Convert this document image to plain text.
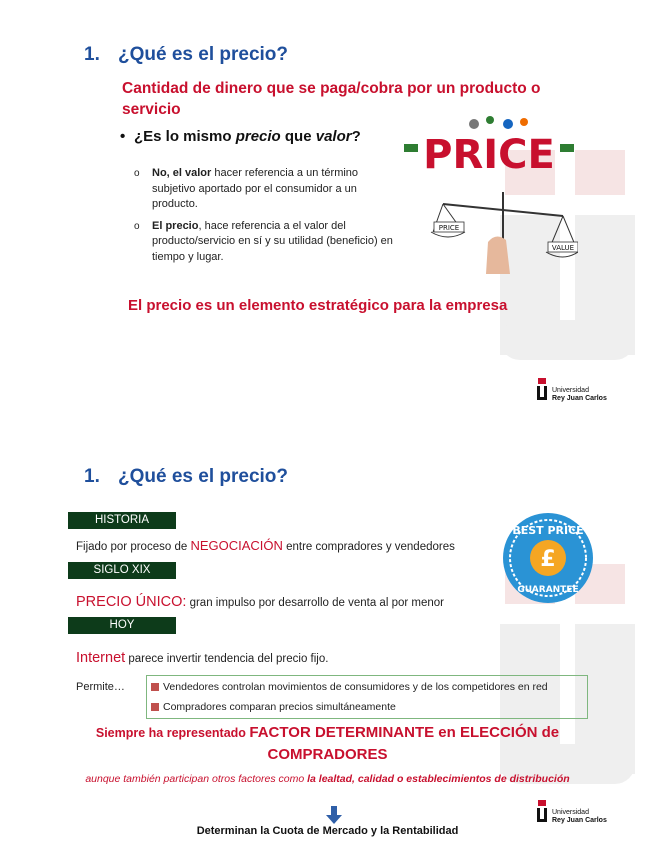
1. ¿Qué es el precio?
Cantidad de dinero que se paga/cobra por un producto o servicio
• ¿Es lo mismo precio que valor?
o No, el valor hacer referencia a un término subjetivo aportado por el consumidor a un producto.
o El precio, hace referencia a el valor del producto/servicio en sí y su utilidad (beneficio) en tiempo y lugar.
PRICE
PRICE
VALUE
El precio es un elemento estratégico para la empresa
Universidad
Rey Juan Carlos
1. ¿Qué es el precio?
HISTORIA
Fijado por proceso de NEGOCIACIÓN entre compradores y vendedores
SIGLO XIX
PRECIO ÚNICO: gran impulso por desarrollo de venta al por menor
HOY
Internet parece invertir tendencia del precio fijo.
Permite…	Vendedores controlan movimientos de consumidores y de los competidores en red
Compradores comparan precios simultáneamente
£
BEST PRICE
GUARANTEE
Siempre ha representado FACTOR DETERMINANTE en ELECCIÓN de COMPRADORES
aunque también participan otros factores como la lealtad, calidad o establecimientos de distribución
Determinan la Cuota de Mercado y la Rentabilidad
Universidad
Rey Juan Carlos
